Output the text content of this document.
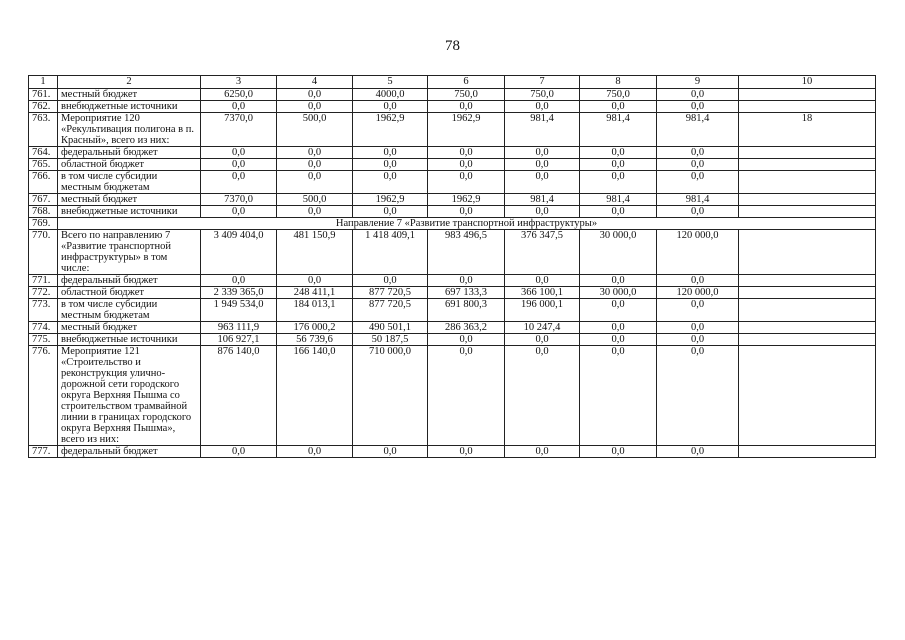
78
1	2	3	4	5	6	7	8	9	10
761.	местный бюджет	6250,0	0,0	4000,0	750,0	750,0	750,0	0,0	
762.	внебюджетные источники	0,0	0,0	0,0	0,0	0,0	0,0	0,0	
763.	Мероприятие 120 «Рекультивация полигона в п. Красный», всего из них:	7370,0	500,0	1962,9	1962,9	981,4	981,4	981,4	18
764.	федеральный бюджет	0,0	0,0	0,0	0,0	0,0	0,0	0,0	
765.	областной бюджет	0,0	0,0	0,0	0,0	0,0	0,0	0,0	
766.	в том числе субсидии местным бюджетам	0,0	0,0	0,0	0,0	0,0	0,0	0,0	
767.	местный бюджет	7370,0	500,0	1962,9	1962,9	981,4	981,4	981,4	
768.	внебюджетные источники	0,0	0,0	0,0	0,0	0,0	0,0	0,0	
769.	Направление 7 «Развитие транспортной инфраструктуры»								
770.	Всего по направлению 7 «Развитие транспортной инфраструктуры» в том числе:	3 409 404,0	481 150,9	1 418 409,1	983 496,5	376 347,5	30 000,0	120 000,0	
771.	федеральный бюджет	0,0	0,0	0,0	0,0	0,0	0,0	0,0	
772.	областной бюджет	2 339 365,0	248 411,1	877 720,5	697 133,3	366 100,1	30 000,0	120 000,0	
773.	в том числе субсидии местным бюджетам	1 949 534,0	184 013,1	877 720,5	691 800,3	196 000,1	0,0	0,0	
774.	местный бюджет	963 111,9	176 000,2	490 501,1	286 363,2	10 247,4	0,0	0,0	
775.	внебюджетные источники	106 927,1	56 739,6	50 187,5	0,0	0,0	0,0	0,0	
776.	Мероприятие 121 «Строительство и реконструкция улично-дорожной сети городского округа Верхняя Пышма со строительством трамвайной линии в границах городского округа Верхняя Пышма», всего из них:	876 140,0	166 140,0	710 000,0	0,0	0,0	0,0	0,0	
777.	федеральный бюджет	0,0	0,0	0,0	0,0	0,0	0,0	0,0	
